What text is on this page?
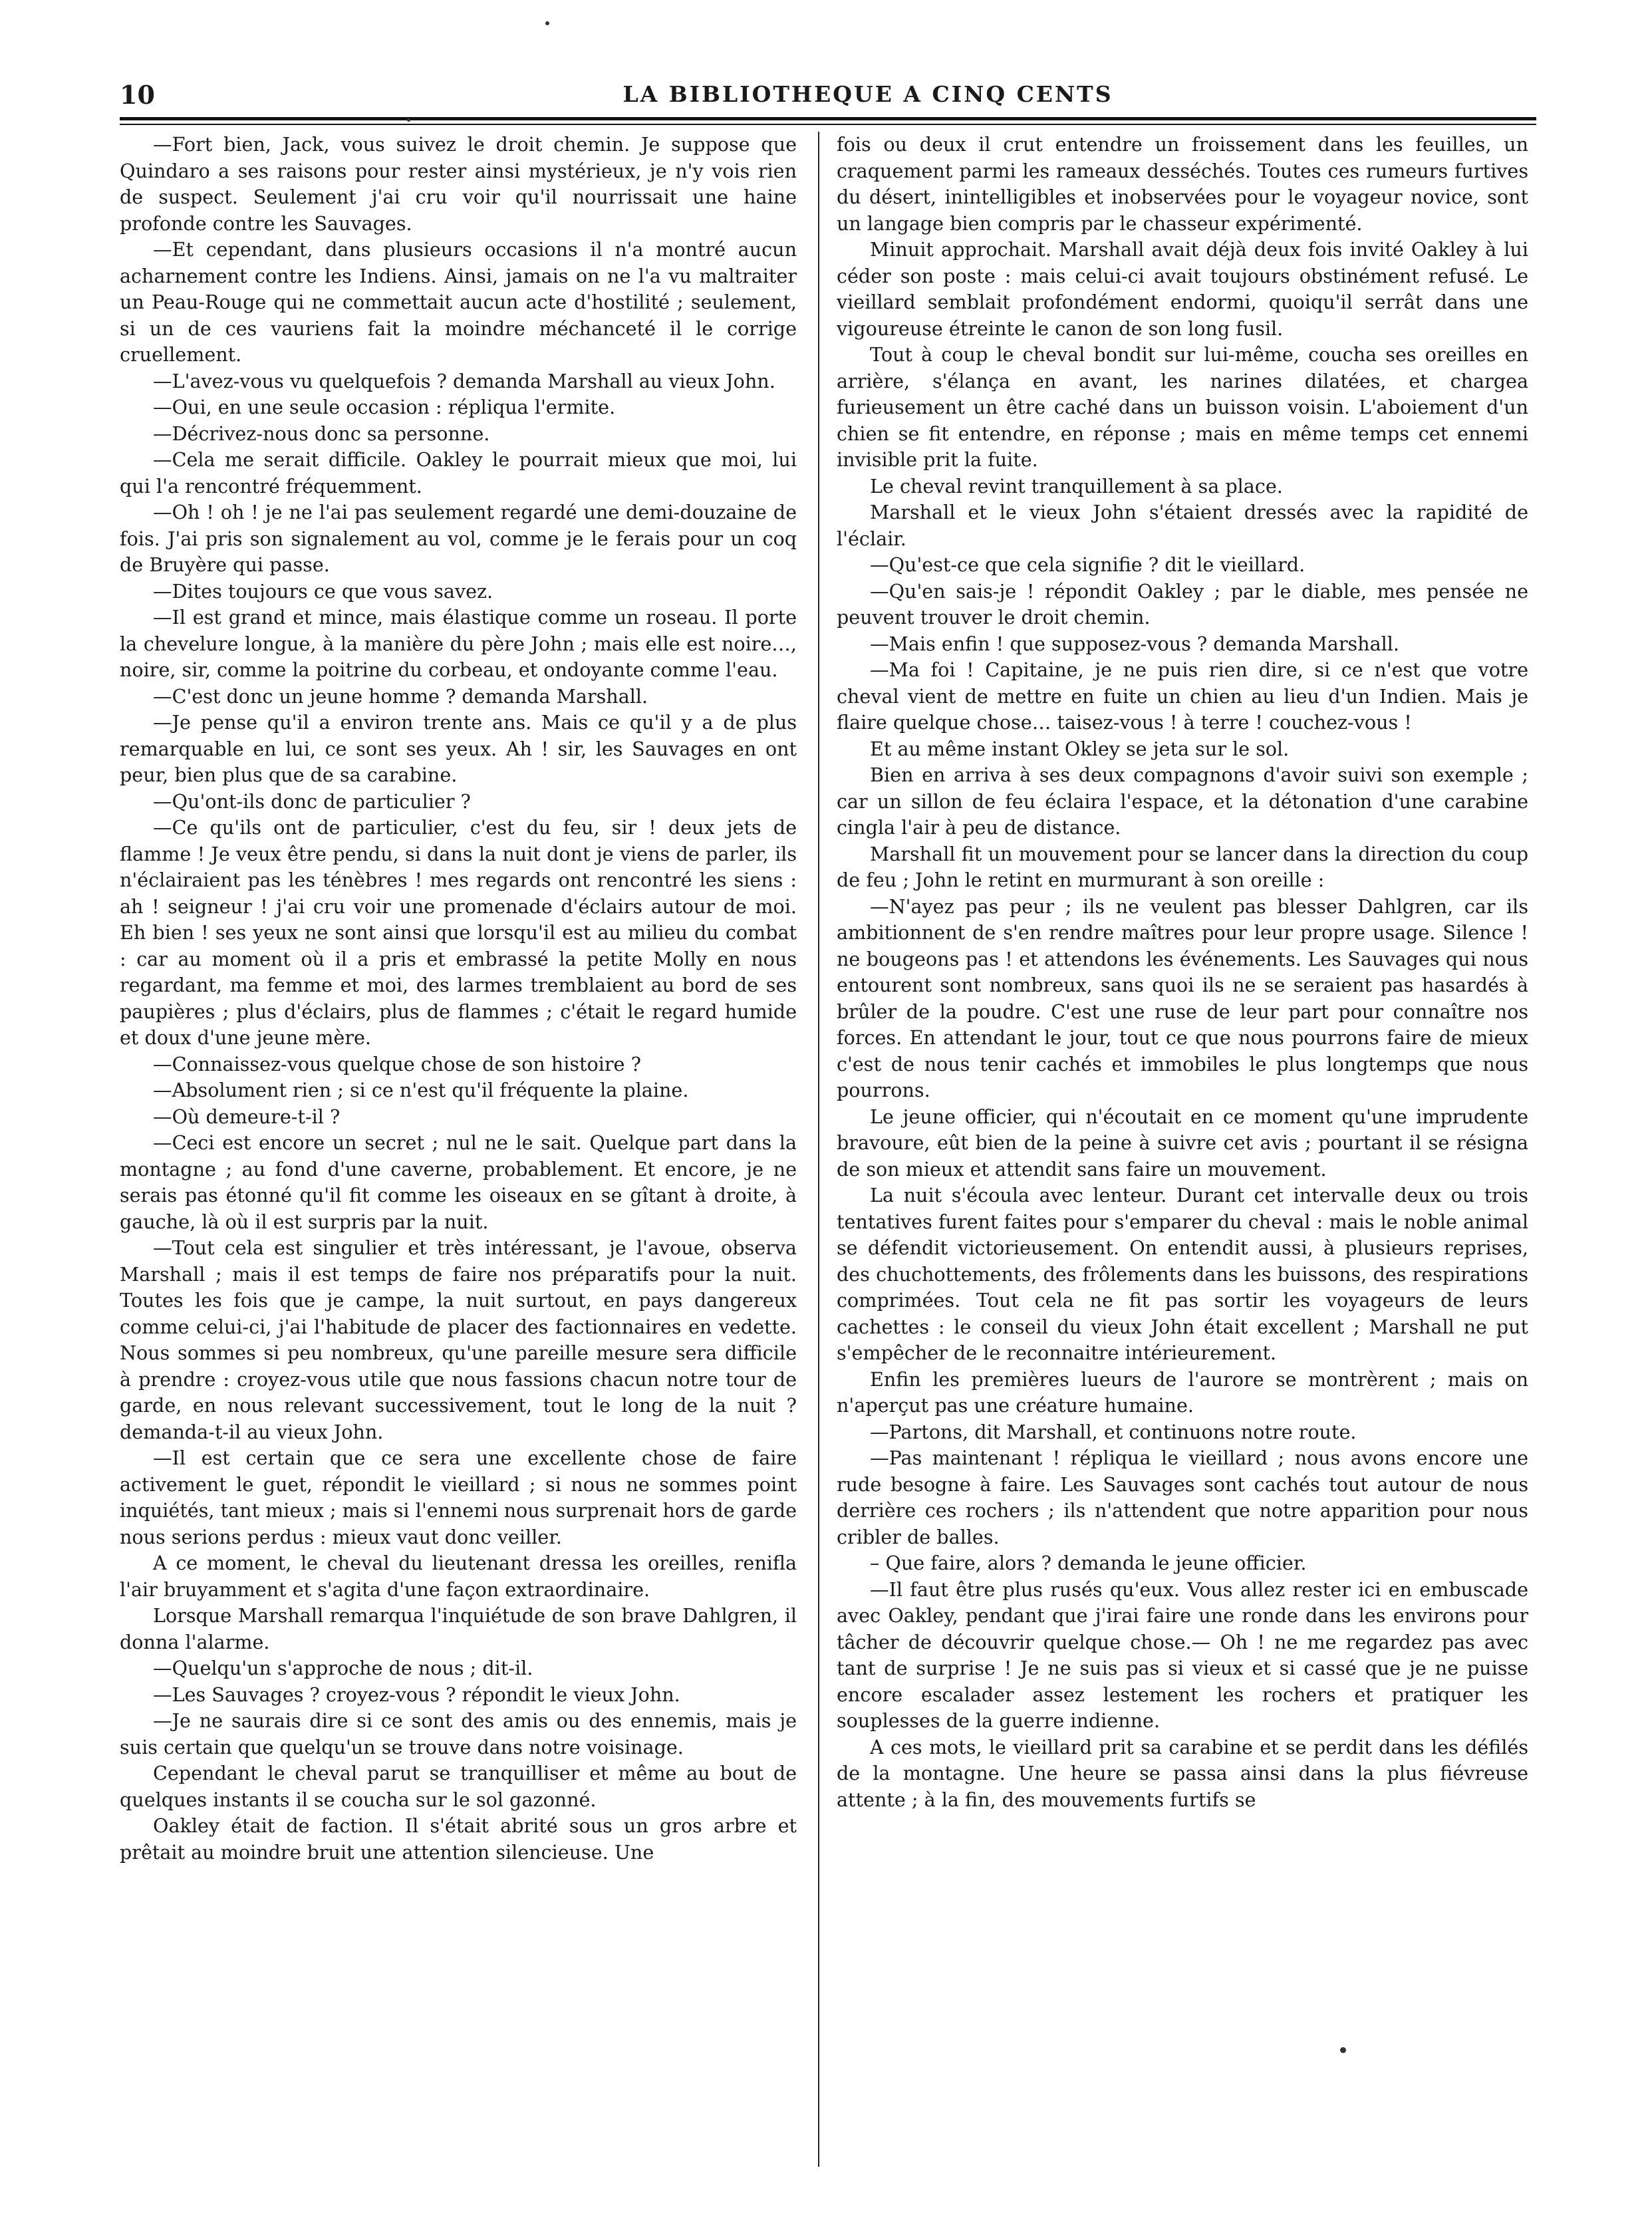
10	LA BIBLIOTHEQUE A CINQ CENTS

—Fort bien, Jack, vous suivez le droit chemin. Je suppose que Quindaro a ses raisons pour rester ainsi mystérieux, je n'y vois rien de suspect. Seulement j'ai cru voir qu'il nourrissait une haine profonde contre les Sauvages.

—Et cependant, dans plusieurs occasions il n'a montré aucun acharnement contre les Indiens. Ainsi, jamais on ne l'a vu maltraiter un Peau-Rouge qui ne commettait aucun acte d'hostilité ; seulement, si un de ces vauriens fait la moindre méchanceté il le corrige cruellement.

—L'avez-vous vu quelquefois ? demanda Marshall au vieux John.

—Oui, en une seule occasion : répliqua l'ermite.

—Décrivez-nous donc sa personne.

—Cela me serait difficile. Oakley le pourrait mieux que moi, lui qui l'a rencontré fréquemment.

—Oh ! oh ! je ne l'ai pas seulement regardé une demi-douzaine de fois. J'ai pris son signalement au vol, comme je le ferais pour un coq de Bruyère qui passe.

—Dites toujours ce que vous savez.

—Il est grand et mince, mais élastique comme un roseau. Il porte la chevelure longue, à la manière du père John ; mais elle est noire…, noire, sir, comme la poitrine du corbeau, et ondoyante comme l'eau.

—C'est donc un jeune homme ? demanda Marshall.

—Je pense qu'il a environ trente ans. Mais ce qu'il y a de plus remarquable en lui, ce sont ses yeux. Ah ! sir, les Sauvages en ont peur, bien plus que de sa carabine.

—Qu'ont-ils donc de particulier ?

—Ce qu'ils ont de particulier, c'est du feu, sir ! deux jets de flamme ! Je veux être pendu, si dans la nuit dont je viens de parler, ils n'éclairaient pas les ténèbres ! mes regards ont rencontré les siens : ah ! seigneur ! j'ai cru voir une promenade d'éclairs autour de moi. Eh bien ! ses yeux ne sont ainsi que lorsqu'il est au milieu du combat : car au moment où il a pris et embrassé la petite Molly en nous regardant, ma femme et moi, des larmes tremblaient au bord de ses paupières ; plus d'éclairs, plus de flammes ; c'était le regard humide et doux d'une jeune mère.

—Connaissez-vous quelque chose de son histoire ?

—Absolument rien ; si ce n'est qu'il fréquente la plaine.

—Où demeure-t-il ?

—Ceci est encore un secret ; nul ne le sait. Quelque part dans la montagne ; au fond d'une caverne, probablement. Et encore, je ne serais pas étonné qu'il fit comme les oiseaux en se gîtant à droite, à gauche, là où il est surpris par la nuit.

—Tout cela est singulier et très intéressant, je l'avoue, observa Marshall ; mais il est temps de faire nos préparatifs pour la nuit. Toutes les fois que je campe, la nuit surtout, en pays dangereux comme celui-ci, j'ai l'habitude de placer des factionnaires en vedette. Nous sommes si peu nombreux, qu'une pareille mesure sera difficile à prendre : croyez-vous utile que nous fassions chacun notre tour de garde, en nous relevant successivement, tout le long de la nuit ? demanda-t-il au vieux John.

—Il est certain que ce sera une excellente chose de faire activement le guet, répondit le vieillard ; si nous ne sommes point inquiétés, tant mieux ; mais si l'ennemi nous surprenait hors de garde nous serions perdus : mieux vaut donc veiller.

A ce moment, le cheval du lieutenant dressa les oreilles, renifla l'air bruyamment et s'agita d'une façon extraordinaire.

Lorsque Marshall remarqua l'inquiétude de son brave Dahlgren, il donna l'alarme.

—Quelqu'un s'approche de nous ; dit-il.

—Les Sauvages ? croyez-vous ? répondit le vieux John.

—Je ne saurais dire si ce sont des amis ou des ennemis, mais je suis certain que quelqu'un se trouve dans notre voisinage.

Cependant le cheval parut se tranquilliser et même au bout de quelques instants il se coucha sur le sol gazonné.

Oakley était de faction. Il s'était abrité sous un gros arbre et prêtait au moindre bruit une attention silencieuse. Une

fois ou deux il crut entendre un froissement dans les feuilles, un craquement parmi les rameaux desséchés. Toutes ces rumeurs furtives du désert, inintelligibles et inobservées pour le voyageur novice, sont un langage bien compris par le chasseur expérimenté.

Minuit approchait. Marshall avait déjà deux fois invité Oakley à lui céder son poste : mais celui-ci avait toujours obstinément refusé. Le vieillard semblait profondément endormi, quoiqu'il serrât dans une vigoureuse étreinte le canon de son long fusil.

Tout à coup le cheval bondit sur lui-même, coucha ses oreilles en arrière, s'élança en avant, les narines dilatées, et chargea furieusement un être caché dans un buisson voisin. L'aboiement d'un chien se fit entendre, en réponse ; mais en même temps cet ennemi invisible prit la fuite.

Le cheval revint tranquillement à sa place.

Marshall et le vieux John s'étaient dressés avec la rapidité de l'éclair.

—Qu'est-ce que cela signifie ? dit le vieillard.

—Qu'en sais-je ! répondit Oakley ; par le diable, mes pensée ne peuvent trouver le droit chemin.

—Mais enfin ! que supposez-vous ? demanda Marshall.

—Ma foi ! Capitaine, je ne puis rien dire, si ce n'est que votre cheval vient de mettre en fuite un chien au lieu d'un Indien. Mais je flaire quelque chose… taisez-vous ! à terre ! couchez-vous !

Et au même instant Okley se jeta sur le sol.

Bien en arriva à ses deux compagnons d'avoir suivi son exemple ; car un sillon de feu éclaira l'espace, et la détonation d'une carabine cingla l'air à peu de distance.

Marshall fit un mouvement pour se lancer dans la direction du coup de feu ; John le retint en murmurant à son oreille :

—N'ayez pas peur ; ils ne veulent pas blesser Dahlgren, car ils ambitionnent de s'en rendre maîtres pour leur propre usage. Silence ! ne bougeons pas ! et attendons les événements. Les Sauvages qui nous entourent sont nombreux, sans quoi ils ne se seraient pas hasardés à brûler de la poudre. C'est une ruse de leur part pour connaître nos forces. En attendant le jour, tout ce que nous pourrons faire de mieux c'est de nous tenir cachés et immobiles le plus longtemps que nous pourrons.

Le jeune officier, qui n'écoutait en ce moment qu'une imprudente bravoure, eût bien de la peine à suivre cet avis ; pourtant il se résigna de son mieux et attendit sans faire un mouvement.

La nuit s'écoula avec lenteur. Durant cet intervalle deux ou trois tentatives furent faites pour s'emparer du cheval : mais le noble animal se défendit victorieusement. On entendit aussi, à plusieurs reprises, des chuchottements, des frôlements dans les buissons, des respirations comprimées. Tout cela ne fit pas sortir les voyageurs de leurs cachettes : le conseil du vieux John était excellent ; Marshall ne put s'empêcher de le reconnaitre intérieurement.

Enfin les premières lueurs de l'aurore se montrèrent ; mais on n'aperçut pas une créature humaine.

—Partons, dit Marshall, et continuons notre route.

—Pas maintenant ! répliqua le vieillard ; nous avons encore une rude besogne à faire. Les Sauvages sont cachés tout autour de nous derrière ces rochers ; ils n'attendent que notre apparition pour nous cribler de balles.

– Que faire, alors ? demanda le jeune officier.

—Il faut être plus rusés qu'eux. Vous allez rester ici en embuscade avec Oakley, pendant que j'irai faire une ronde dans les environs pour tâcher de découvrir quelque chose.— Oh ! ne me regardez pas avec tant de surprise ! Je ne suis pas si vieux et si cassé que je ne puisse encore escalader assez lestement les rochers et pratiquer les souplesses de la guerre indienne.

A ces mots, le vieillard prit sa carabine et se perdit dans les défilés de la montagne. Une heure se passa ainsi dans la plus fiévreuse attente ; à la fin, des mouvements furtifs se
